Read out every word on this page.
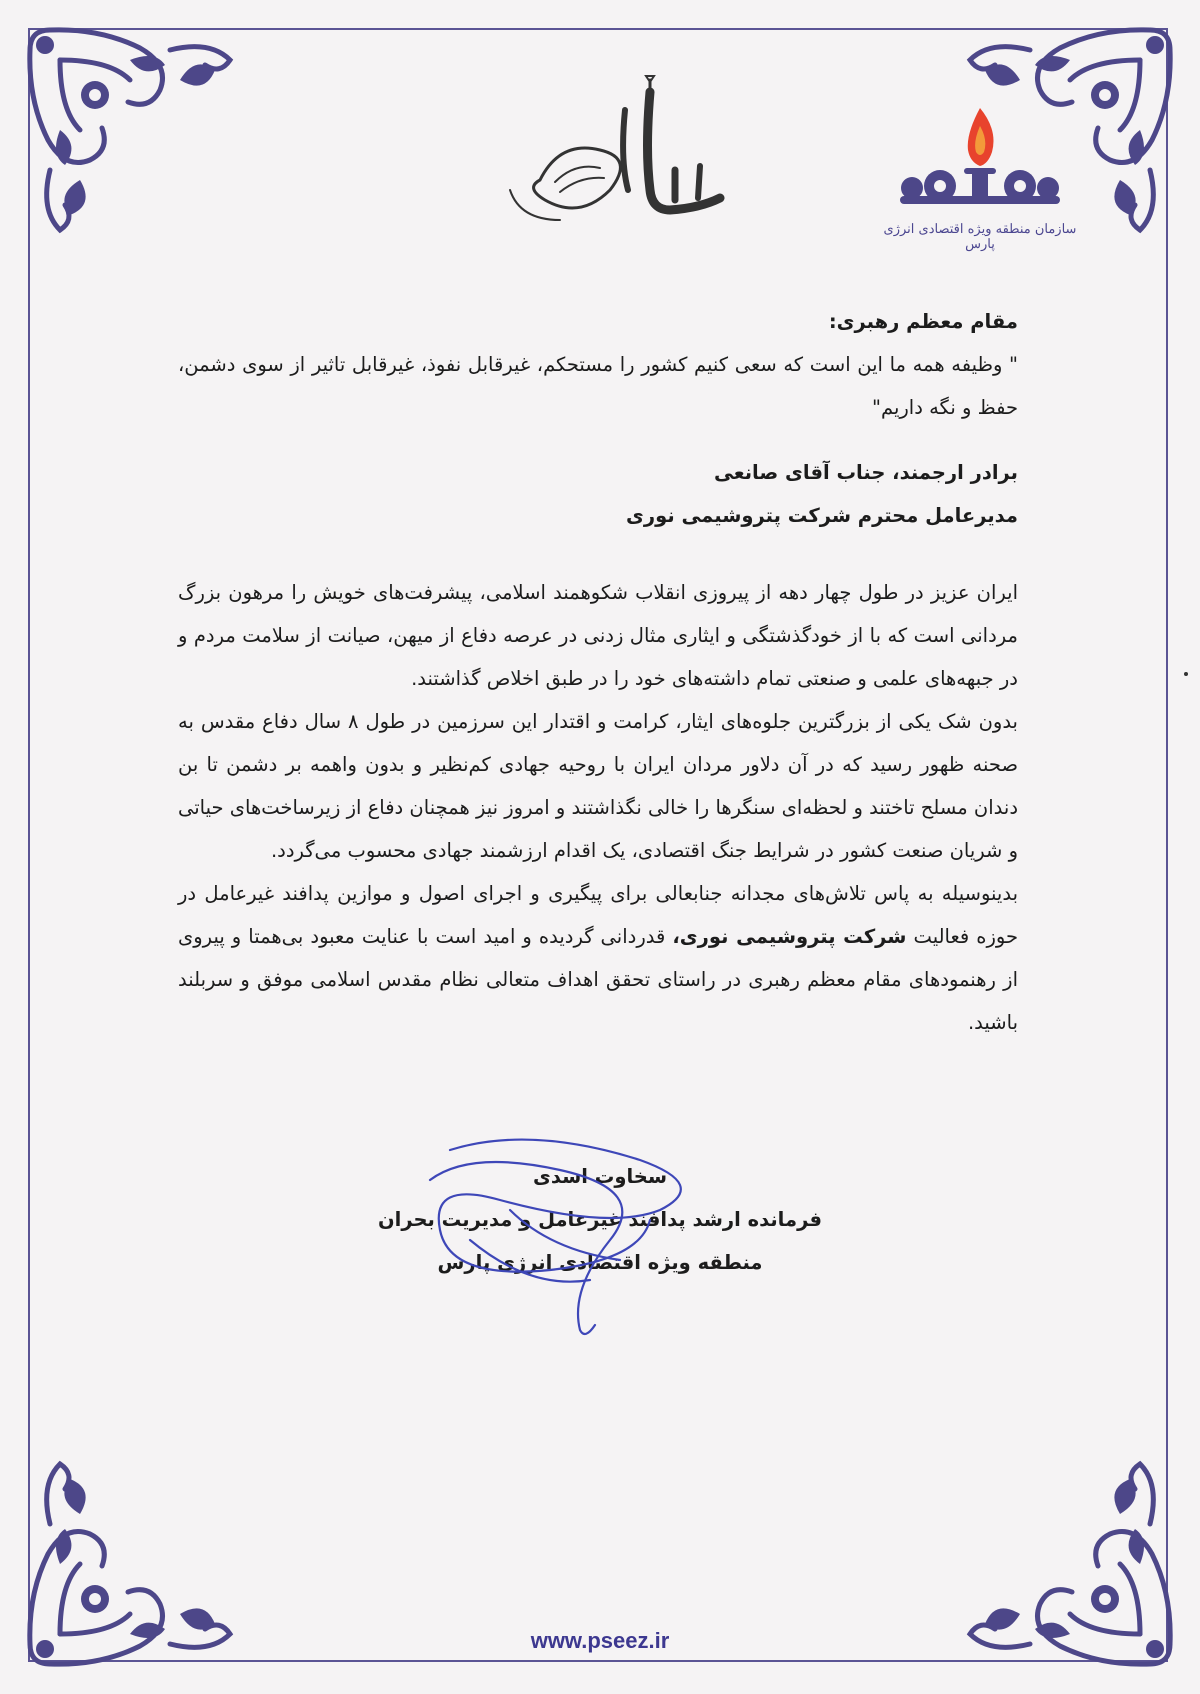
سازمان منطقه ویژه اقتصادی انرژی پارس

مقام معظم رهبری:

" وظیفه همه ما این است که سعی کنیم کشور را مستحکم، غیرقابل نفوذ، غیرقابل تاثیر از سوی دشمن، حفظ و نگه داریم"

برادر ارجمند، جناب آقای صانعی

مدیرعامل محترم شرکت پتروشیمی نوری

ایران عزیز در طول چهار دهه از پیروزی انقلاب شکوهمند اسلامی، پیشرفت‌های خویش را مرهون بزرگ مردانی است که با از خودگذشتگی و ایثاری مثال زدنی در عرصه دفاع از میهن، صیانت از سلامت مردم و در جبهه‌های علمی و صنعتی تمام داشته‌های خود را در طبق اخلاص گذاشتند.

بدون شک یکی از بزرگترین جلوه‌های ایثار، کرامت و اقتدار این سرزمین در طول ۸ سال دفاع مقدس به صحنه ظهور رسید که در آن دلاور مردان ایران با روحیه جهادی کم‌نظیر و بدون واهمه بر دشمن تا بن دندان مسلح تاختند و لحظه‌ای سنگرها را خالی نگذاشتند و امروز نیز همچنان دفاع از زیرساخت‌های حیاتی و شریان صنعت کشور در شرایط جنگ اقتصادی، یک اقدام ارزشمند جهادی محسوب می‌گردد.

بدینوسیله به پاس تلاش‌های مجدانه جنابعالی برای پیگیری و اجرای اصول و موازین پدافند غیرعامل در حوزه فعالیت شرکت پتروشیمی نوری، قدردانی گردیده و امید است با عنایت معبود بی‌همتا و پیروی از رهنمودهای مقام معظم رهبری در راستای تحقق اهداف متعالی نظام مقدس اسلامی موفق و سربلند باشید.

سخاوت اسدی
فرمانده ارشد پدافند غیرعامل و مدیریت بحران
منطقه ویژه اقتصادی انرژی پارس
www.pseez.ir
